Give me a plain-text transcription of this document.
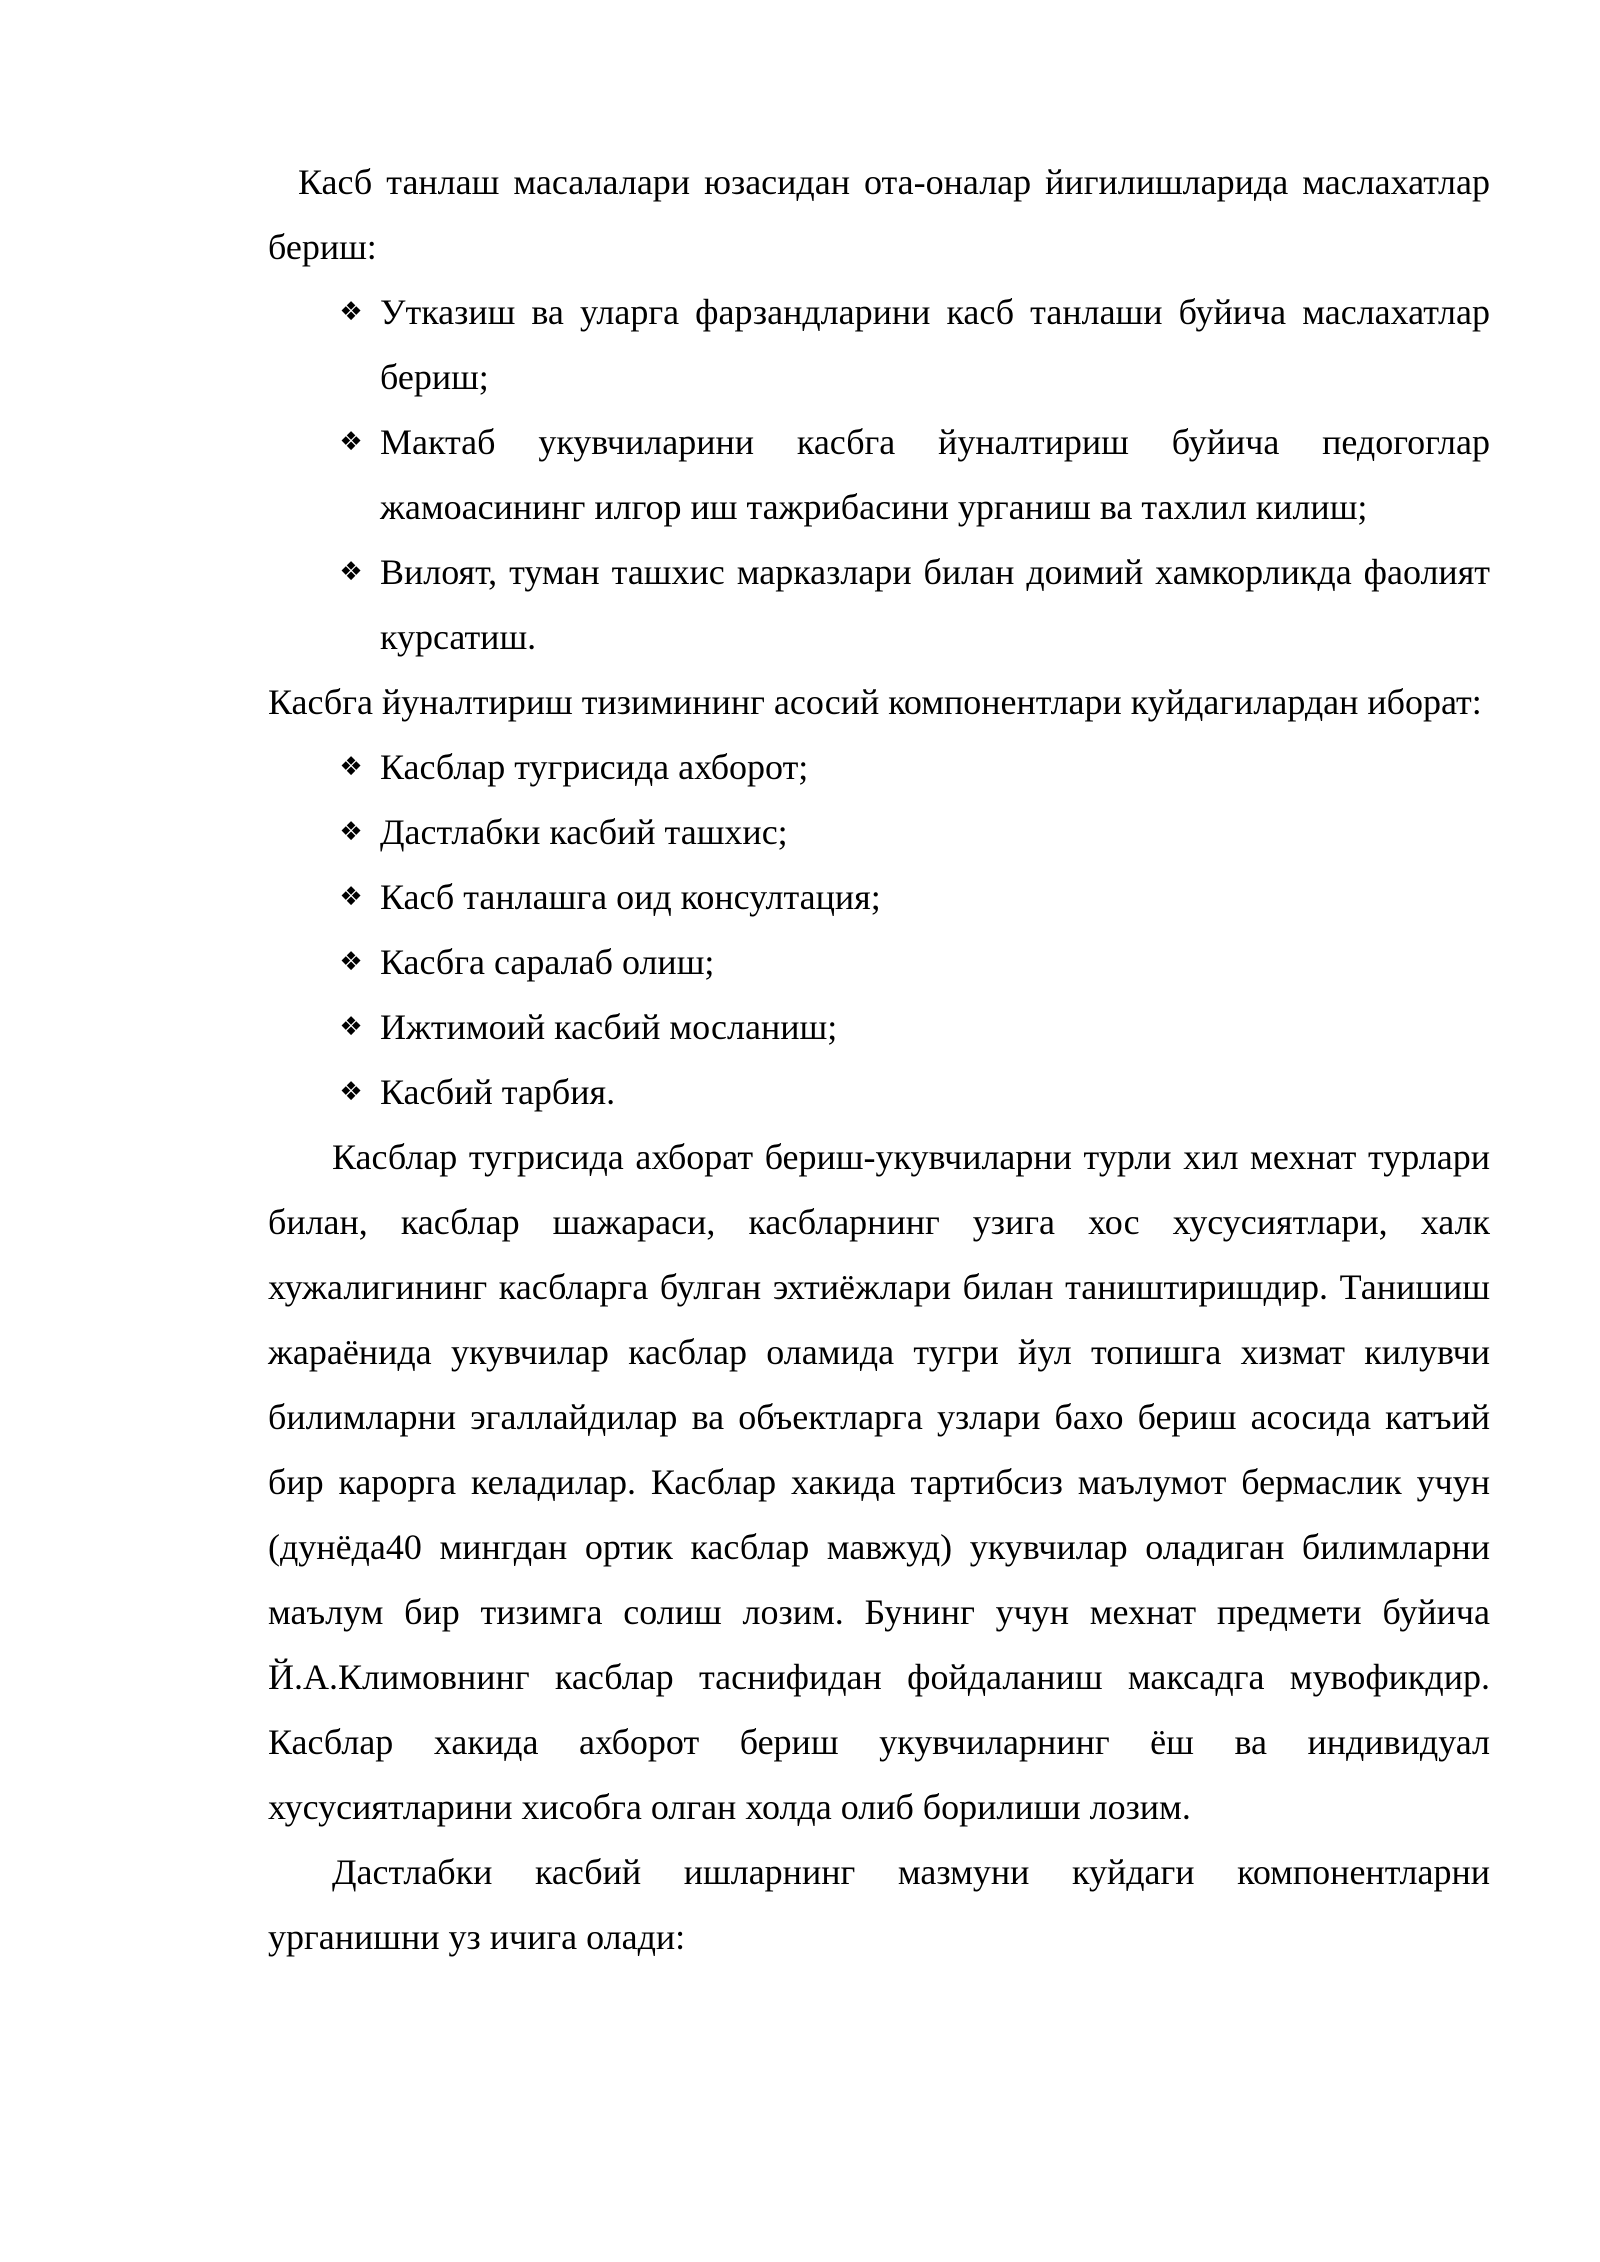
Касб танлаш масалалари юзасидан ота-оналар йигилишларида маслахатлар бериш:

❖ Утказиш ва уларга фарзандларини касб танлаши буйича маслахатлар бериш;
❖ Мактаб укувчиларини касбга йуналтириш буйича педогоглар жамоасининг илгор иш тажрибасини урганиш ва тахлил килиш;
❖ Вилоят, туман ташхис марказлари билан доимий хамкорликда фаолият курсатиш.

Касбга йуналтириш тизимининг асосий компонентлари куйдагилардан иборат:

❖ Касблар тугрисида ахборот;
❖ Дастлабки касбий ташхис;
❖ Касб танлашга оид консултация;
❖ Касбга саралаб олиш;
❖ Ижтимоий касбий мосланиш;
❖ Касбий тарбия.

Касблар тугрисида ахборат бериш-укувчиларни турли хил мехнат турлари билан, касблар шажараси, касбларнинг узига хос хусусиятлари, халк хужалигининг касбларга булган эхтиёжлари билан таништиришдир. Танишиш жараёнида укувчилар касблар оламида тугри йул топишга хизмат килувчи билимларни эгаллайдилар ва объектларга узлари бахо бериш асосида катъий бир карорга келадилар. Касблар хакида тартибсиз маълумот бермаслик учун (дунёда40 мингдан ортик касблар мавжуд) укувчилар оладиган билимларни маълум бир тизимга солиш лозим. Бунинг учун мехнат предмети буйича Й.А.Климовнинг касблар таснифидан фойдаланиш максадга мувофикдир. Касблар хакида ахборот бериш укувчиларнинг ёш ва индивидуал хусусиятларини хисобга олган холда олиб борилиши лозим.

Дастлабки касбий ишларнинг мазмуни куйдаги компонентларни урганишни уз ичига олади:
